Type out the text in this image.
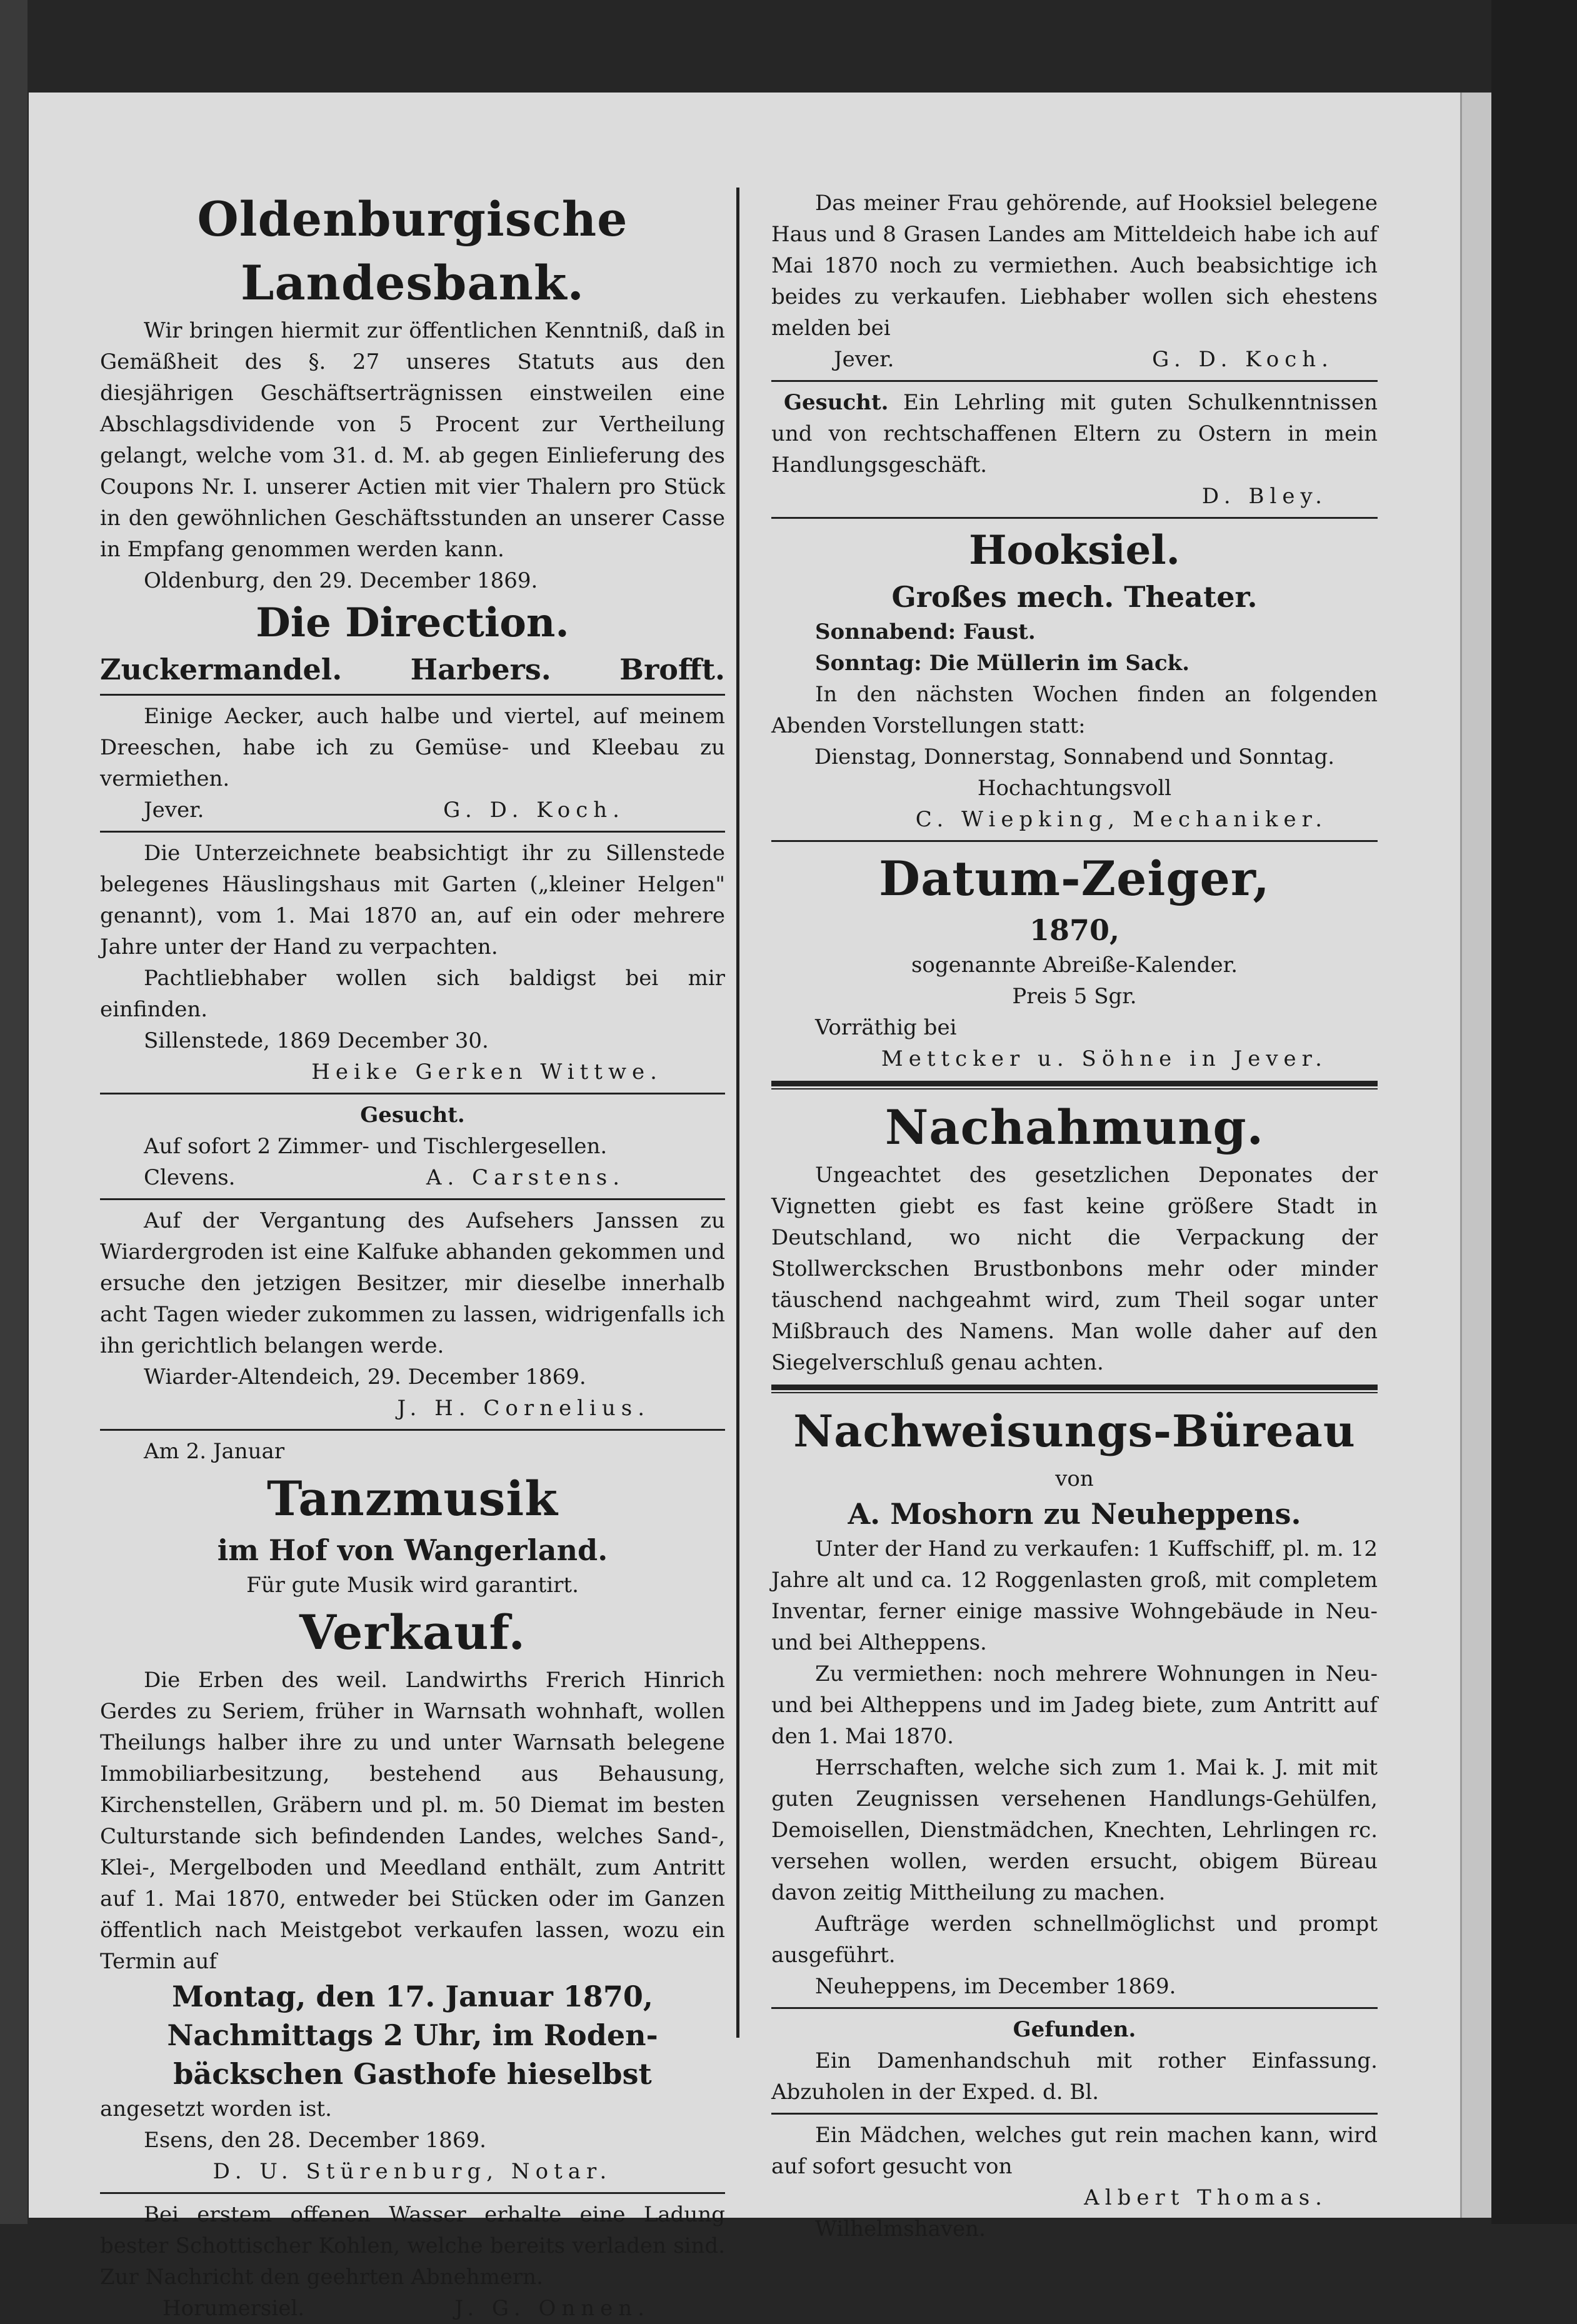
Oldenburgische Landesbank.

Wir bringen hiermit zur öffentlichen Kenntniß, daß in Gemäßheit des §. 27 unseres Statuts aus den diesjährigen Geschäftserträgnissen einstweilen eine Abschlagsdividende von 5 Procent zur Vertheilung gelangt, welche vom 31. d. M. ab gegen Einlieferung des Coupons Nr. I. unserer Actien mit vier Thalern pro Stück in den gewöhnlichen Geschäftsstunden an unserer Casse in Empfang genommen werden kann.

Oldenburg, den 29. December 1869.

Die Direction.

Zuckermandel. Harbers. Brofft.

Einige Aecker, auch halbe und viertel, auf meinem Dreeschen, habe ich zu Gemüse- und Kleebau zu vermiethen.

Jever.	G. D. Koch.

Die Unterzeichnete beabsichtigt ihr zu Sillenstede belegenes Häuslingshaus mit Garten („kleiner Helgen" genannt), vom 1. Mai 1870 an, auf ein oder mehrere Jahre unter der Hand zu verpachten.

Pachtliebhaber wollen sich baldigst bei mir einfinden.

Sillenstede, 1869 December 30.

Heike Gerken Wittwe.

Gesucht.

Auf sofort 2 Zimmer- und Tischlergesellen.

Clevens.	A. Carstens.

Auf der Vergantung des Aufsehers Janssen zu Wiardergroden ist eine Kalfuke abhanden gekommen und ersuche den jetzigen Besitzer, mir dieselbe innerhalb acht Tagen wieder zukommen zu lassen, widrigenfalls ich ihn gerichtlich belangen werde.

Wiarder-Altendeich, 29. December 1869.

J. H. Cornelius.

Am 2. Januar

Tanzmusik

im Hof von Wangerland.

Für gute Musik wird garantirt.

Verkauf.

Die Erben des weil. Landwirths Frerich Hinrich Gerdes zu Seriem, früher in Warnsath wohnhaft, wollen Theilungs halber ihre zu und unter Warnsath belegene Immobiliarbesitzung, bestehend aus Behausung, Kirchenstellen, Gräbern und pl. m. 50 Diemat im besten Culturstande sich befindenden Landes, welches Sand-, Klei-, Mergelboden und Meedland enthält, zum Antritt auf 1. Mai 1870, entweder bei Stücken oder im Ganzen öffentlich nach Meistgebot verkaufen lassen, wozu ein Termin auf

Montag, den 17. Januar 1870,

Nachmittags 2 Uhr, im Roden-

bäckschen Gasthofe hieselbst

angesetzt worden ist.

Esens, den 28. December 1869.

D. U. Stürenburg, Notar.

Bei erstem offenen Wasser erhalte eine Ladung bester Schottischer Kohlen, welche bereits verladen sind. Zur Nachricht den geehrten Abnehmern.

Horumersiel.	J. G. Onnen.

Das meiner Frau gehörende, auf Hooksiel belegene Haus und 8 Grasen Landes am Mitteldeich habe ich auf Mai 1870 noch zu vermiethen. Auch beabsichtige ich beides zu verkaufen. Liebhaber wollen sich ehestens melden bei

Jever.	G. D. Koch.

Gesucht. Ein Lehrling mit guten Schulkenntnissen und von rechtschaffenen Eltern zu Ostern in mein Handlungsgeschäft.

D. Bley.

Hooksiel.

Großes mech. Theater.

Sonnabend: Faust.

Sonntag: Die Müllerin im Sack.

In den nächsten Wochen finden an folgenden Abenden Vorstellungen statt:

Dienstag, Donnerstag, Sonnabend und Sonntag.

Hochachtungsvoll

C. Wiepking, Mechaniker.

Datum-Zeiger,

1870,

sogenannte Abreiße-Kalender.

Preis 5 Sgr.

Vorräthig bei

Mettcker u. Söhne in Jever.

Nachahmung.

Ungeachtet des gesetzlichen Deponates der Vignetten giebt es fast keine größere Stadt in Deutschland, wo nicht die Verpackung der Stollwerckschen Brustbonbons mehr oder minder täuschend nachgeahmt wird, zum Theil sogar unter Mißbrauch des Namens. Man wolle daher auf den Siegelverschluß genau achten.

Nachweisungs-Büreau

von

A. Moshorn zu Neuheppens.

Unter der Hand zu verkaufen: 1 Kuffschiff, pl. m. 12 Jahre alt und ca. 12 Roggenlasten groß, mit completem Inventar, ferner einige massive Wohngebäude in Neu- und bei Altheppens.

Zu vermiethen: noch mehrere Wohnungen in Neu- und bei Altheppens und im Jadeg biete, zum Antritt auf den 1. Mai 1870.

Herrschaften, welche sich zum 1. Mai k. J. mit mit guten Zeugnissen versehenen Handlungs-Gehülfen, Demoisellen, Dienstmädchen, Knechten, Lehrlingen rc. versehen wollen, werden ersucht, obigem Büreau davon zeitig Mittheilung zu machen.

Aufträge werden schnellmöglichst und prompt ausgeführt.

Neuheppens, im December 1869.

Gefunden.

Ein Damenhandschuh mit rother Einfassung. Abzuholen in der Exped. d. Bl.

Ein Mädchen, welches gut rein machen kann, wird auf sofort gesucht von

Albert Thomas.

Wilhelmshaven.
